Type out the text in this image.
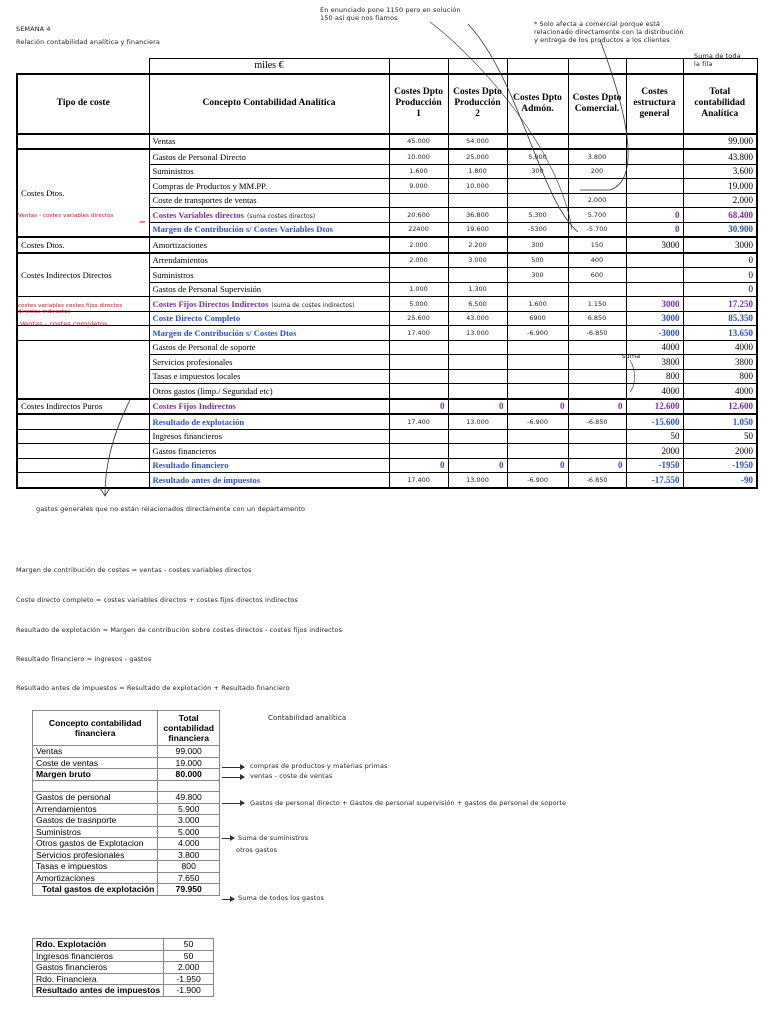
SEMANA 4
Relación contabilidad analítica y financiera
En enunciado pone 1150 pero en solución 150 así que nos fiamos
* Solo afecta a comercial porque está relacionado directamente con la distribución y entrega de los productos a los clientes
Suma de toda la fila
	miles €						
Tipo de coste	Concepto Contabilidad Analítica	Costes Dpto Producción 1	Costes Dpto Producción 2	Costes Dpto Admón.	Costes Dpto Comercial.	Costes estructura general	Total contabilidad Analítica
	Ventas	45.000	54.000				99.000
Costes Dtos.	Gastos de Personal Directo	10.000	25.000	5.000	3.800		43.800
	Suministros	1.600	1.800	300	200		3.600
	Compras de Productos y MM.PP.	9.000	10.000				19.000
	Coste de transportes de ventas				2.000		2.000
	Costes Variables directos (suma costes directos)	20.600	36.800	5.300	5.700	0	68.400
	Margen de Contribución s/ Costes Variables Dtos	22400	19.600	-5300	-5.700	0	30.900
Costes Dtos.	Amortizaciones	2.000	2.200	300	150	3000	3000
Costes Indirectos Directos	Arrendamientos	2.000	3.000	500	400		0
	Suministros			300	600		0
	Gastos de Personal Supervisión	1.000	1.300				0
	Costes Fijos Directos Indirectos (suma de costes indirectos)	5.000	6.500	1.600	1.150	3000	17.250
	Coste Directo Completo	25.600	43.000	6900	6.850	3000	85.350
	Margen de Contribución s/ Costes Dtos	17.400	13.000	-6.900	-6.850	-3000	13.650
	Gastos de Personal de soporte					4000	4000
	Servicios profesionales					3800	3800
	Tasas e impuestos locales					800	800
	Otros gastos (limp./ Seguridad etc)					4000	4000
Costes Indirectos Puros	Costes Fijos Indirectos	0	0	0	0	12.600	12.600
	Resultado de explotación	17.400	13.000	-6.900	-6.850	-15.600	1.050
	Ingresos financieros					50	50
	Gastos financieros					2000	2000
	Resultado financiero	0	0	0	0	-1950	-1950
	Resultado antes de impuestos	17.400	13.000	-6.900	-6.850	-17.550	-90
Ventas - costes variables directos
costes variables costes fijos directos directos indirectos
Ventas - costes completos
suma
gastos generales que no están relacionados directamente con un departamento
Margen de contribución de costes = ventas - costes variables directos
Coste directo completo = costes variables directos + costes fijos directos indirectos
Resultado de explotación = Margen de contribución sobre costes directos - costes fijos indirectos
Resultado financiero = ingresos - gastos
Resultado antes de impuestos = Resultado de explotación + Resultado financiero
Contabilidad analítica
Concepto contabilidad financiera	Total contabilidad financiera
Ventas	99.000
Coste de ventas	19.000
Margen bruto	80.000

Gastos de personal	49.800
Arrendamientos	5.900
Gastos de trasnporte	3.000
Suministros	5.000
Otros gastos de Explotacion	4.000
Servicios profesionales	3.800
Tasas e impuestos	800
Amortizaciones	7.650
Total gastos de explotación	79.950
compras de productos y materias primas
ventas - coste de ventas
Gastos de personal directo + Gastos de personal supervisión + gastos de personal de soporte
Suma de suministros
otros gastos
Suma de todos los gastos
Rdo. Explotación	50
Ingresos financieros	50
Gastos financieros	2.000
Rdo. Financiera	-1.950
Resultado antes de impuestos	-1.900
